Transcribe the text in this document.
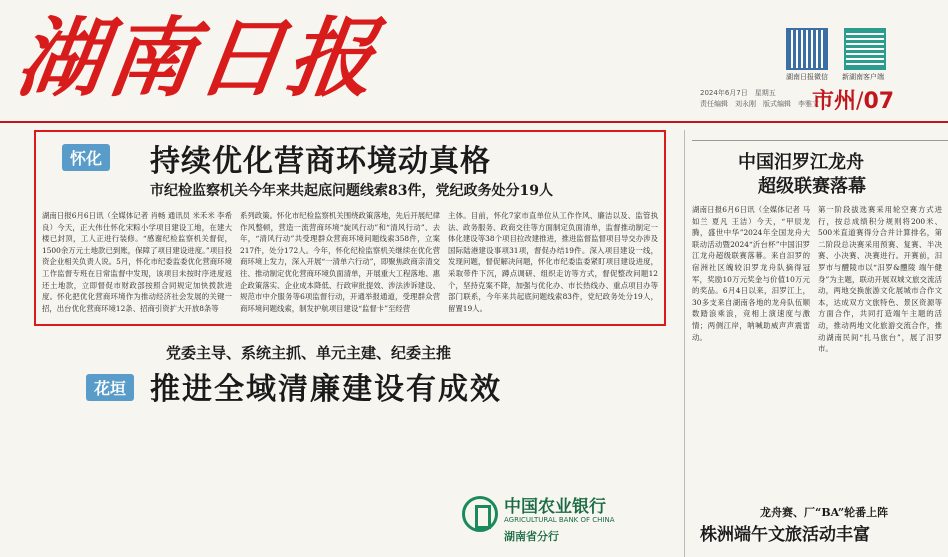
湖南日报	湖南日报微信	新湖南客户端
2024年6月7日　星期五
责任编辑　刘永刚　版式编辑　李雅文
市州/07
怀化 持续优化营商环境动真格
市纪检监察机关今年来共起底问题线索83件，党纪政务处分19人
湖南日报6月6日讯（全媒体记者 肖畅 通讯员 米禾米 李希良）今天，正大伟仕怀化宋粽小学项目建设工地，在建大楼已封顶，工人正进行装修。“感谢纪检监察机关督促，1500余万元土地款已到账，保障了项目建设进度。”项目投资企业相关负责人说。5月，怀化市纪委监委优化营商环境工作监督专班在日常监督中发现，该项目未按时序进度返还土地款，立即督促市财政部按照合同规定加快拨款进度。怀化把优化营商环境作为推动经济社会发展的关键一招，出台优化营商环境12条、招商引资扩大开放8条等
系列政策。怀化市纪检监察机关围绕政策落地，先后开展纪律作风整顿，营造一流营商环境“旋风行动”和“清风行动”、去年，“清风行动”共受理群众营商环境问题线索358件，立案217件，处分172人。今年，怀化纪检监察机关继续在优化营商环境上发力，深入开展“一清单六行动”，即聚焦政商亲清交往、推动制定优化营商环境负面清单，开展重大工程落地、惠企政策落实、企业成本降低、行政审批提效、涉法涉诉建设、规范市中介服务等6项监督行动，开通举报通道，受理群众营商环境问题线索，制发护航项目建设“监督卡”至经营
主体。目前，怀化7家市直单位从工作作风、廉洁以及、监管执法、政务服务、政商交往等方面制定负面清单，监督推动制定一体化建设等38个项目拉改建推进，推进监督监督项目导交办涉及国际陆港建设事项31项，督促办结19件。深入项目建设一线，发现问题，督促解决问题，怀化市纪委监委紧盯项目建设进度，采取带件下沉，蹲点调研、组织走访等方式，督促整改问题12个，坚持克案不降，加强与优化办、市长热线办、重点项目办等部门联系，今年来共起底问题线索83件，党纪政务处分19人，留置19人。
党委主导、系统主抓、单元主建、纪委主推
花垣 推进全域清廉建设有成效
中国农业银行
AGRICULTURAL BANK OF CHINA
湖南省分行
中国汨罗江龙舟
超级联赛落幕
湖南日报6月6日讯（全媒体记者 马如兰 夏凡 王洁）今天，“甲辰龙腾，盛世中华”2024年全国龙舟大联动活动暨2024“沂台杯”中国汨罗江龙舟超级联赛落幕。来自汨罗的宿洲社区魄较汨罗龙舟队摘得冠军，奖励10万元奖金与价值10万元的奖品。6月4日以来，汨罗江上，30多支来自湖南各地的龙舟队伍顺数踏浪乘浪，竞相上演速度与激情；两侧江岸，呐喊助威声声震雷动。
第一阶段拔选赛采用轮空赛方式进行，按总成绩积分规则将200米、500米直道赛得分合并计算排名，第二阶段总决赛采用预赛、复赛、半决赛、小决赛、决赛进行。开赛前，汨罗市与醴陵市以“汨罗&醴陵 端午健身”为主题，联动开展双城文旅交流活动，两地交换旅游文化展城市合作文本，达成双方文旅特色、景区资源等方面合作，共同打造端午主题的活动，推动两地文化旅游交流合作，推动湖南民间“扎马旅台”，展了汨罗市。
龙舟赛、厂“BA”轮番上阵
株洲端午文旅活动丰富
